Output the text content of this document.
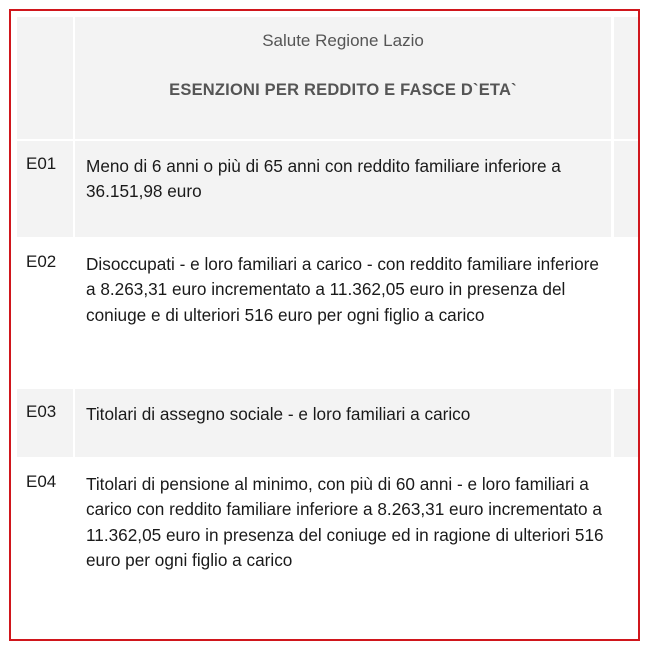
Salute Regione Lazio
ESENZIONI PER REDDITO E FASCE D`ETA`
E01 Meno di 6 anni o più di 65 anni con reddito familiare inferiore a 36.151,98 euro
E02 Disoccupati - e loro familiari a carico - con reddito familiare inferiore a 8.263,31 euro incrementato a 11.362,05 euro in presenza del coniuge e di ulteriori 516 euro per ogni figlio a carico
E03 Titolari di assegno sociale - e loro familiari a carico
E04 Titolari di pensione al minimo, con più di 60 anni - e loro familiari a carico con reddito familiare inferiore a 8.263,31 euro incrementato a 11.362,05 euro in presenza del coniuge ed in ragione di ulteriori 516 euro per ogni figlio a carico
